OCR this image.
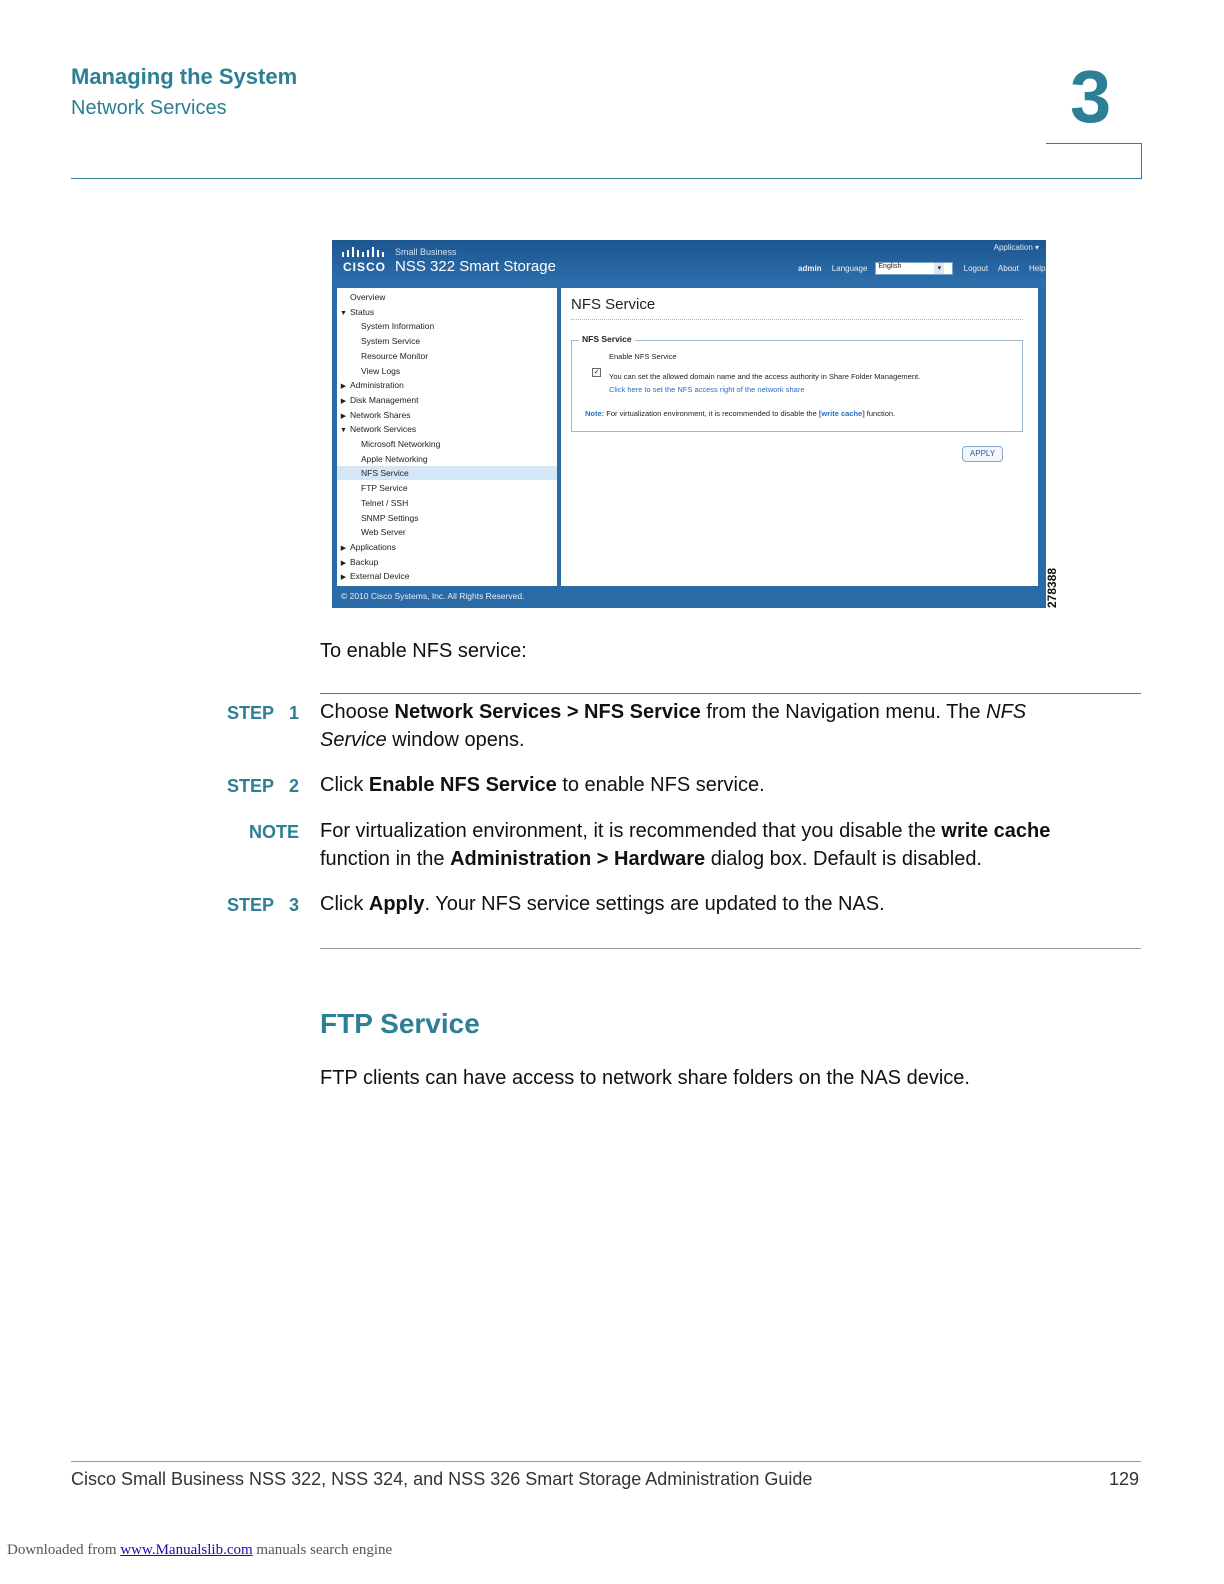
Managing the System
Network Services	3
CISCO
Small Business
NSS 322 Smart Storage
Application ▾
admin Language English	▾	Logout About Help
Overview
▼ Status
System Information
System Service
Resource Monitor
View Logs
▶ Administration
▶ Disk Management
▶ Network Shares
▼ Network Services
Microsoft Networking
Apple Networking
NFS Service
FTP Service
Telnet / SSH
SNMP Settings
Web Server
▶ Applications
▶ Backup
▶ External Device
NFS Service
NFS Service
Enable NFS Service
✓ You can set the allowed domain name and the access authority in Share Folder Management.
Click here to set the NFS access right of the network share
Note: For virtualization environment, it is recommended to disable the [write cache] function.
APPLY
© 2010 Cisco Systems, Inc. All Rights Reserved.	278388
To enable NFS service:
STEP 1 Choose Network Services > NFS Service from the Navigation menu. The NFS
Service window opens.
STEP 2 Click Enable NFS Service to enable NFS service.
NOTE For virtualization environment, it is recommended that you disable the write cache
function in the Administration > Hardware dialog box. Default is disabled.
STEP 3 Click Apply. Your NFS service settings are updated to the NAS.
FTP Service
FTP clients can have access to network share folders on the NAS device.
Cisco Small Business NSS 322, NSS 324, and NSS 326 Smart Storage Administration Guide	129
Downloaded from www.Manualslib.com manuals search engine
